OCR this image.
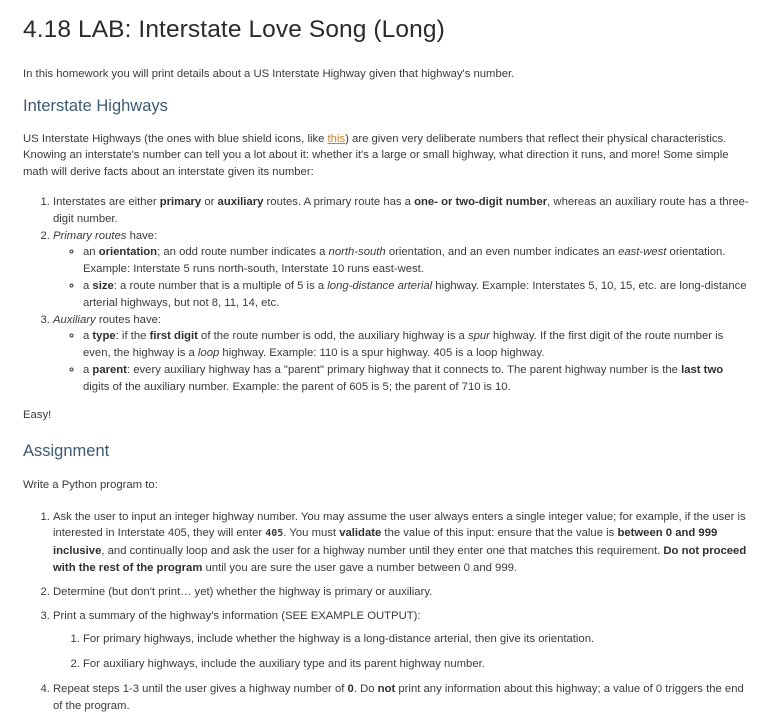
4.18 LAB: Interstate Love Song (Long)

In this homework you will print details about a US Interstate Highway given that highway's number.

Interstate Highways

US Interstate Highways (the ones with blue shield icons, like this) are given very deliberate numbers that reflect their physical characteristics. Knowing an interstate's number can tell you a lot about it: whether it's a large or small highway, what direction it runs, and more! Some simple math will derive facts about an interstate given its number:

1. Interstates are either primary or auxiliary routes. A primary route has a one- or two-digit number, whereas an auxiliary route has a three-digit number.
2. Primary routes have:
◦ an orientation; an odd route number indicates a north-south orientation, and an even number indicates an east-west orientation. Example: Interstate 5 runs north-south, Interstate 10 runs east-west.
◦ a size: a route number that is a multiple of 5 is a long-distance arterial highway. Example: Interstates 5, 10, 15, etc. are long-distance arterial highways, but not 8, 11, 14, etc.
3. Auxiliary routes have:
◦ a type: if the first digit of the route number is odd, the auxiliary highway is a spur highway. If the first digit of the route number is even, the highway is a loop highway. Example: 110 is a spur highway. 405 is a loop highway.
◦ a parent: every auxiliary highway has a "parent" primary highway that it connects to. The parent highway number is the last two digits of the auxiliary number. Example: the parent of 605 is 5; the parent of 710 is 10.

Easy!

Assignment

Write a Python program to:

1. Ask the user to input an integer highway number. You may assume the user always enters a single integer value; for example, if the user is interested in Interstate 405, they will enter 405. You must validate the value of this input: ensure that the value is between 0 and 999 inclusive, and continually loop and ask the user for a highway number until they enter one that matches this requirement. Do not proceed with the rest of the program until you are sure the user gave a number between 0 and 999.
2. Determine (but don't print… yet) whether the highway is primary or auxiliary.
3. Print a summary of the highway's information (SEE EXAMPLE OUTPUT):
1. For primary highways, include whether the highway is a long-distance arterial, then give its orientation.
2. For auxiliary highways, include the auxiliary type and its parent highway number.
4. Repeat steps 1-3 until the user gives a highway number of 0. Do not print any information about this highway; a value of 0 triggers the end of the program.
